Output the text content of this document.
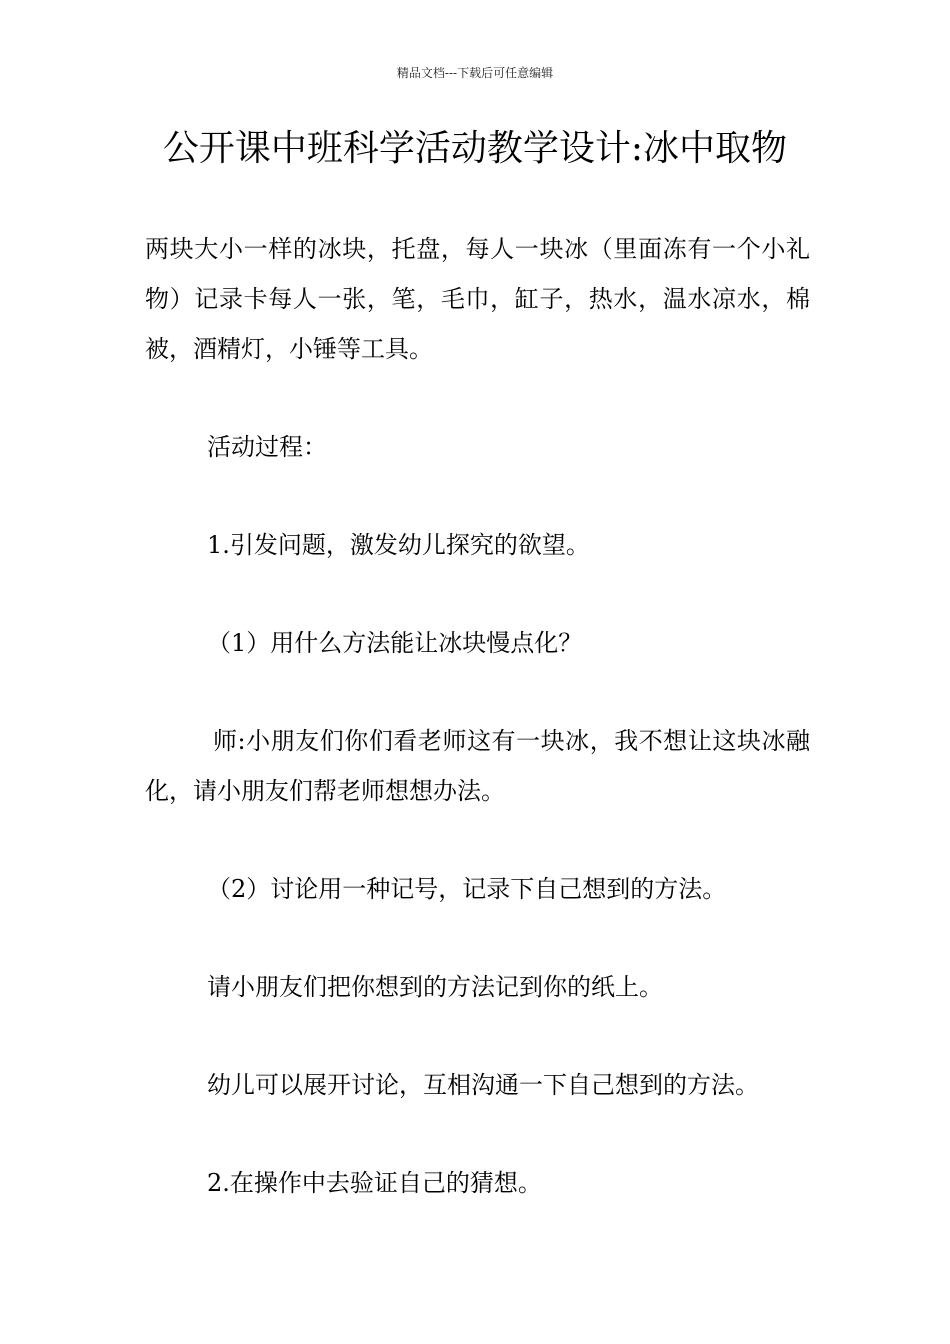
精品文档---下载后可任意编辑
公开课中班科学活动教学设计:冰中取物

两块大小一样的冰块，托盘，每人一块冰（里面冻有一个小礼物）记录卡每人一张，笔，毛巾，缸子，热水，温水凉水，棉被，酒精灯，小锤等工具。

活动过程：

1.引发问题，激发幼儿探究的欲望。

（1）用什么方法能让冰块慢点化？

师:小朋友们你们看老师这有一块冰，我不想让这块冰融化，请小朋友们帮老师想想办法。

（2）讨论用一种记号，记录下自己想到的方法。

请小朋友们把你想到的方法记到你的纸上。

幼儿可以展开讨论，互相沟通一下自己想到的方法。

2.在操作中去验证自己的猜想。
